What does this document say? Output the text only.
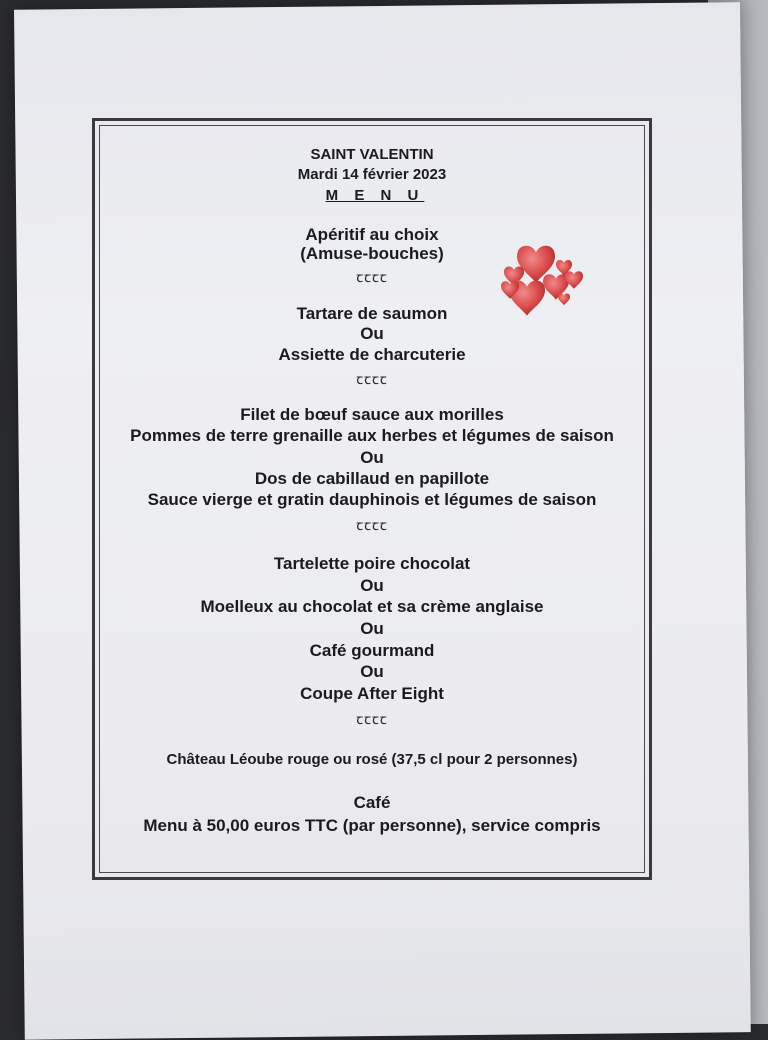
SAINT VALENTIN
Mardi 14 février 2023
M E N U
Apéritif au choix
(Amuse-bouches)
ꞇꞇꞇꞇ
Tartare de saumon
Ou
Assiette de charcuterie
ꞇꞇꞇꞇ
Filet de bœuf sauce aux morilles
Pommes de terre grenaille aux herbes et légumes de saison
Ou
Dos de cabillaud en papillote
Sauce vierge et gratin dauphinois et légumes de saison
ꞇꞇꞇꞇ
Tartelette poire chocolat
Ou
Moelleux au chocolat et sa crème anglaise
Ou
Café gourmand
Ou
Coupe After Eight
ꞇꞇꞇꞇ
Château Léoube rouge ou rosé (37,5 cl pour 2 personnes)
Café
Menu à 50,00 euros TTC (par personne), service compris
